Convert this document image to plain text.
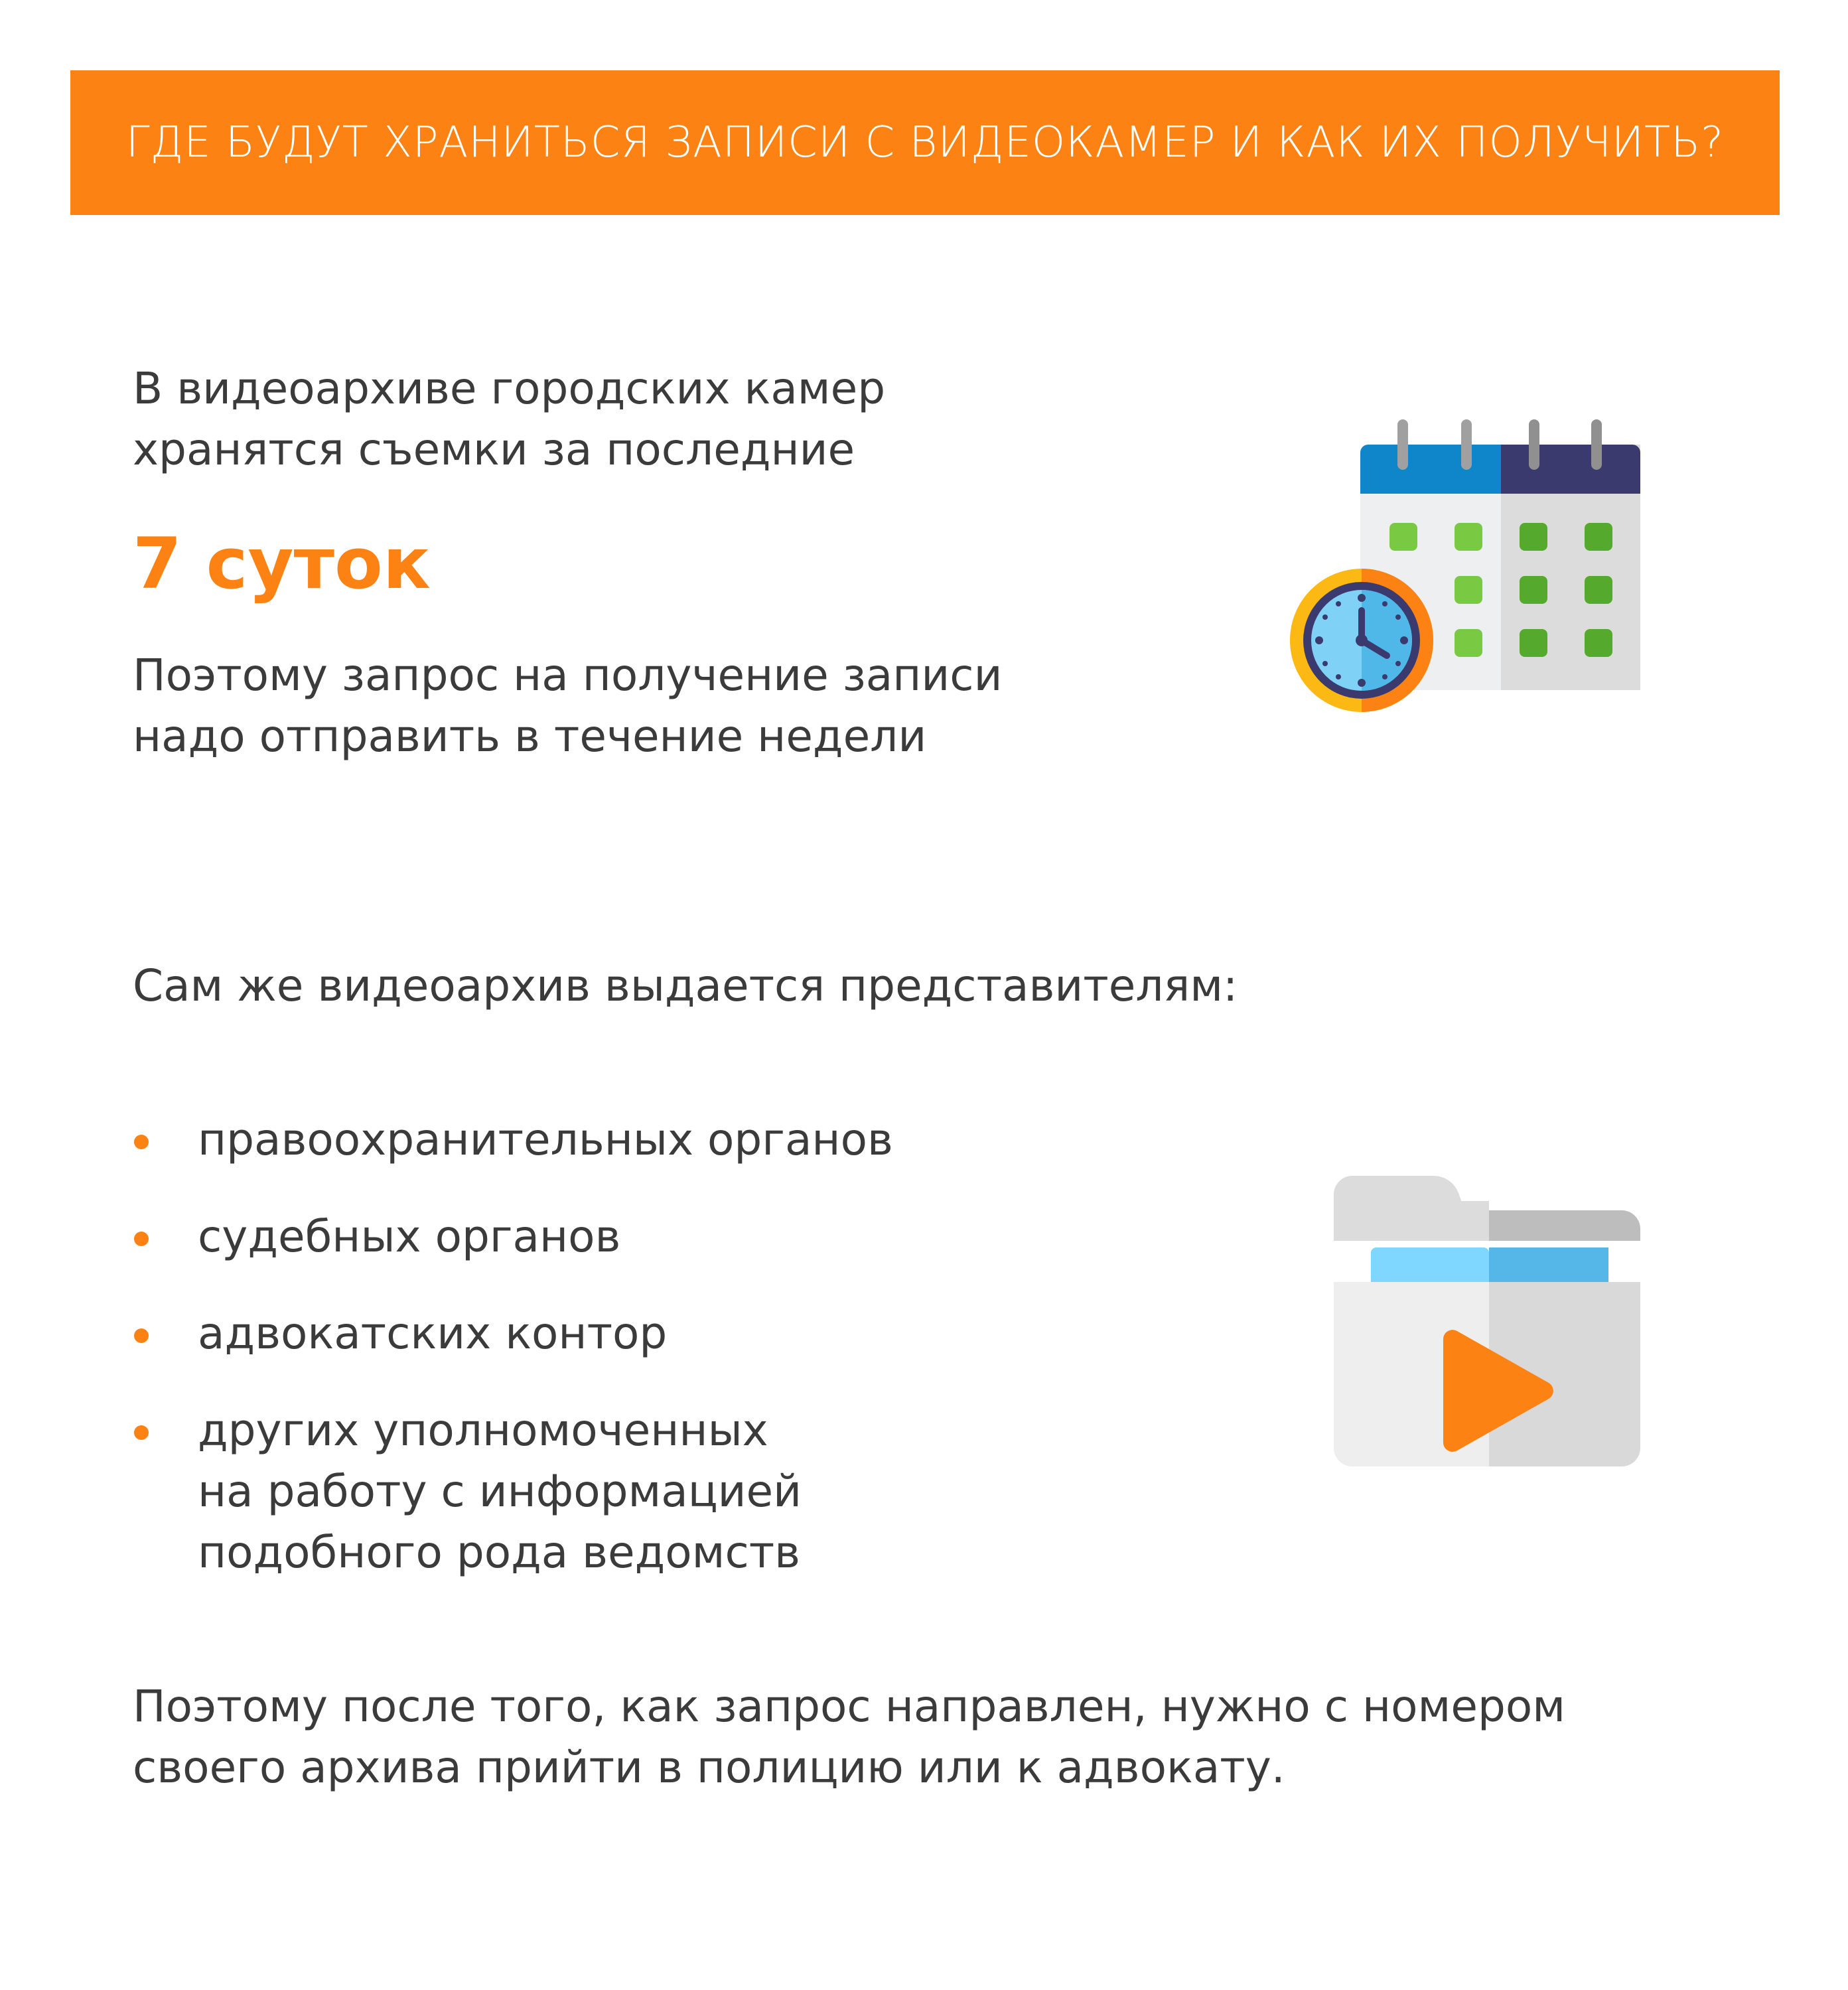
ГДЕ БУДУТ ХРАНИТЬСЯ ЗАПИСИ С ВИДЕОКАМЕР И КАК ИХ ПОЛУЧИТЬ?
В видеоархиве городских камер
хранятся съемки за последние
7 суток
Поэтому запрос на получение записи
надо отправить в течение недели
Сам же видеоархив выдается представителям:
правоохранительных органов
судебных органов
адвокатских контор
других уполномоченных
на работу с информацией
подобного рода ведомств
Поэтому после того, как запрос направлен, нужно с номером
своего архива прийти в полицию или к адвокату.
